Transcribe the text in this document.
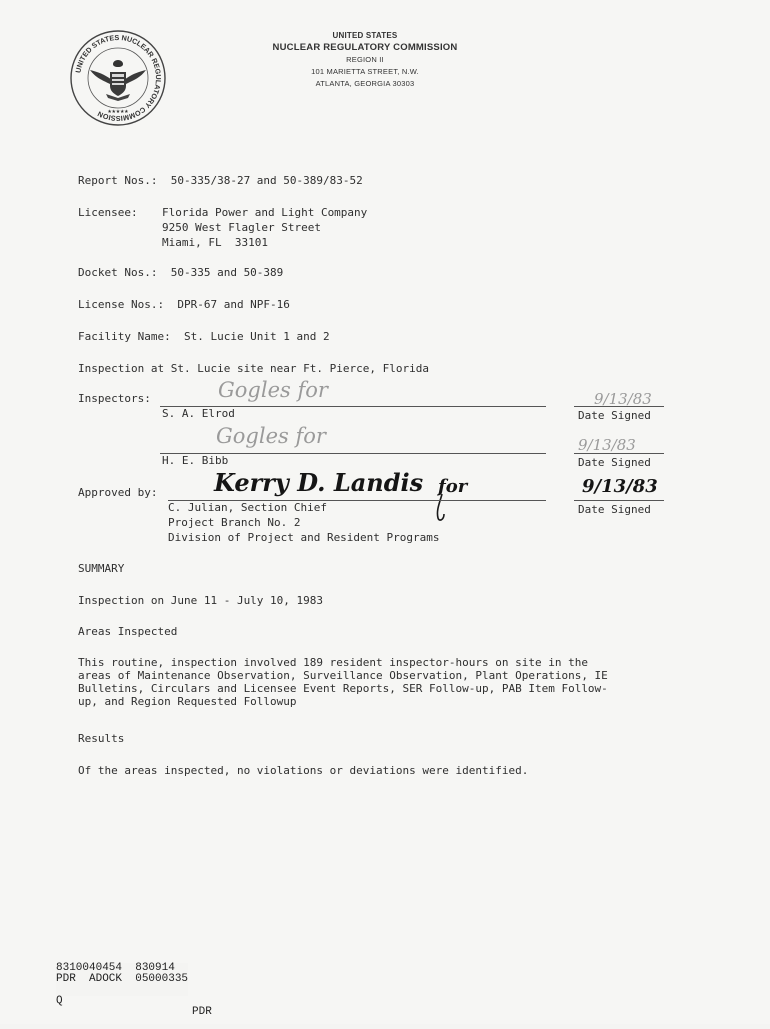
UNITED STATES NUCLEAR REGULATORY COMMISSION ★★★★★
UNITED STATES
NUCLEAR REGULATORY COMMISSION
REGION II
101 MARIETTA STREET, N.W.
ATLANTA, GEORGIA 30303
Report Nos.:  50-335/38-27 and 50-389/83-52
Licensee: Florida Power and Light Company
9250 West Flagler Street
Miami, FL  33101
Docket Nos.:  50-335 and 50-389
License Nos.:  DPR-67 and NPF-16
Facility Name:  St. Lucie Unit 1 and 2
Inspection at St. Lucie site near Ft. Pierce, Florida
Inspectors:	Gogles for
S. A. Elrod
9/13/83
Date Signed
Gogles for
H. E. Bibb
9/13/83
Date Signed
Approved by: Kerry D. Landis for
C. Julian, Section Chief
Project Branch No. 2
Division of Project and Resident Programs
9/13/83
Date Signed
SUMMARY
Inspection on June 11 - July 10, 1983
Areas Inspected
This routine, inspection involved 189 resident inspector-hours on site in the
areas of Maintenance Observation, Surveillance Observation, Plant Operations, IE
Bulletins, Circulars and Licensee Event Reports, SER Follow-up, PAB Item Follow-
up, and Region Requested Followup
Results
Of the areas inspected, no violations or deviations were identified.
8310040454  830914
PDR  ADOCK  05000335

Q

PDR
